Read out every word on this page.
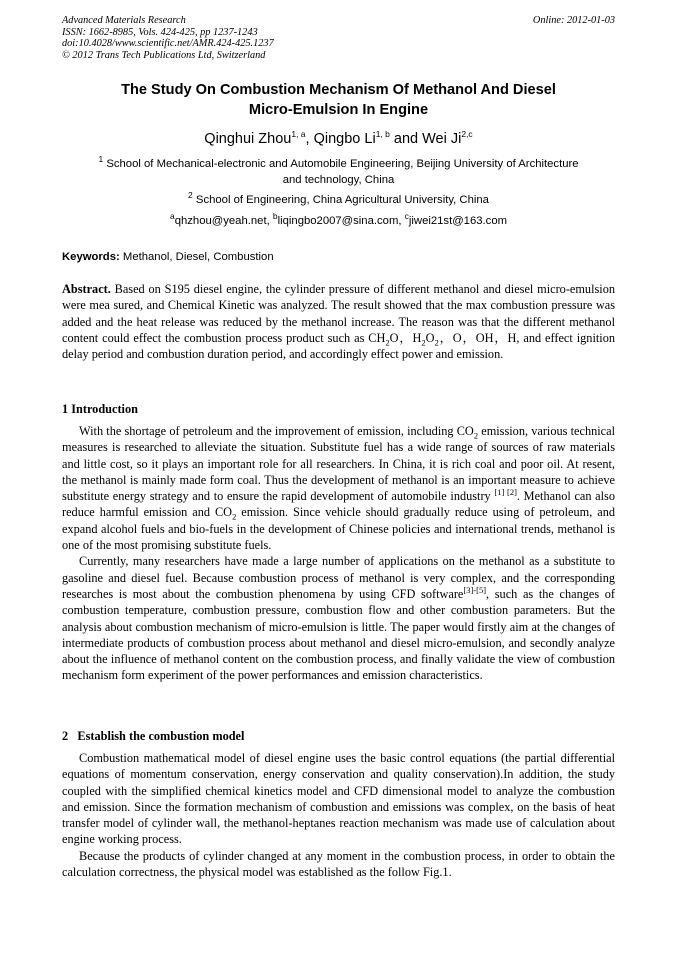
Advanced Materials Research
ISSN: 1662-8985, Vols. 424-425, pp 1237-1243
doi:10.4028/www.scientific.net/AMR.424-425.1237
© 2012 Trans Tech Publications Ltd, Switzerland
Online: 2012-01-03
The Study On Combustion Mechanism Of Methanol And Diesel
Micro-Emulsion In Engine
Qinghui Zhou$^{1, a}$, Qingbo Li$^{1, b}$ and Wei Ji$^{2,c}$
$^1$ School of Mechanical-electronic and Automobile Engineering, Beijing University of Architecture
and technology, China
$^2$ School of Engineering, China Agricultural University, China
$^a$qhzhou@yeah.net, $^b$liqingbo2007@sina.com, $^c$jiwei21st@163.com
Keywords: Methanol, Diesel, Combustion
Abstract. Based on S195 diesel engine, the cylinder pressure of different methanol and diesel micro-emulsion were mea sured, and Chemical Kinetic was analyzed. The result showed that the max combustion pressure was added and the heat release was reduced by the methanol increase. The reason was that the different methanol content could effect the combustion process product such as $CH_2O$，$H_2O_2$，O，OH，H, and effect ignition delay period and combustion duration period, and accordingly effect power and emission.
1 Introduction

With the shortage of petroleum and the improvement of emission, including $CO_2$ emission, various technical measures is researched to alleviate the situation. Substitute fuel has a wide range of sources of raw materials and little cost, so it plays an important role for all researchers. In China, it is rich coal and poor oil. At resent, the methanol is mainly made form coal. Thus the development of methanol is an important measure to achieve substitute energy strategy and to ensure the rapid development of automobile industry [1] [2]. Methanol can also reduce harmful emission and $CO_2$ emission. Since vehicle should gradually reduce using of petroleum, and expand alcohol fuels and bio-fuels in the development of Chinese policies and international trends, methanol is one of the most promising substitute fuels.

Currently, many researchers have made a large number of applications on the methanol as a substitute to gasoline and diesel fuel. Because combustion process of methanol is very complex, and the corresponding researches is most about the combustion phenomena by using CFD software[3]-[5], such as the changes of combustion temperature, combustion pressure, combustion flow and other combustion parameters. But the analysis about combustion mechanism of micro-emulsion is little. The paper would firstly aim at the changes of intermediate products of combustion process about methanol and diesel micro-emulsion, and secondly analyze about the influence of methanol content on the combustion process, and finally validate the view of combustion mechanism form experiment of the power performances and emission characteristics.

2   Establish the combustion model

Combustion mathematical model of diesel engine uses the basic control equations (the partial differential equations of momentum conservation, energy conservation and quality conservation).In addition, the study coupled with the simplified chemical kinetics model and CFD dimensional model to analyze the combustion and emission. Since the formation mechanism of combustion and emissions was complex, on the basis of heat transfer model of cylinder wall, the methanol-heptanes reaction mechanism was made use of calculation about engine working process.

Because the products of cylinder changed at any moment in the combustion process, in order to obtain the calculation correctness, the physical model was established as the follow Fig.1.
